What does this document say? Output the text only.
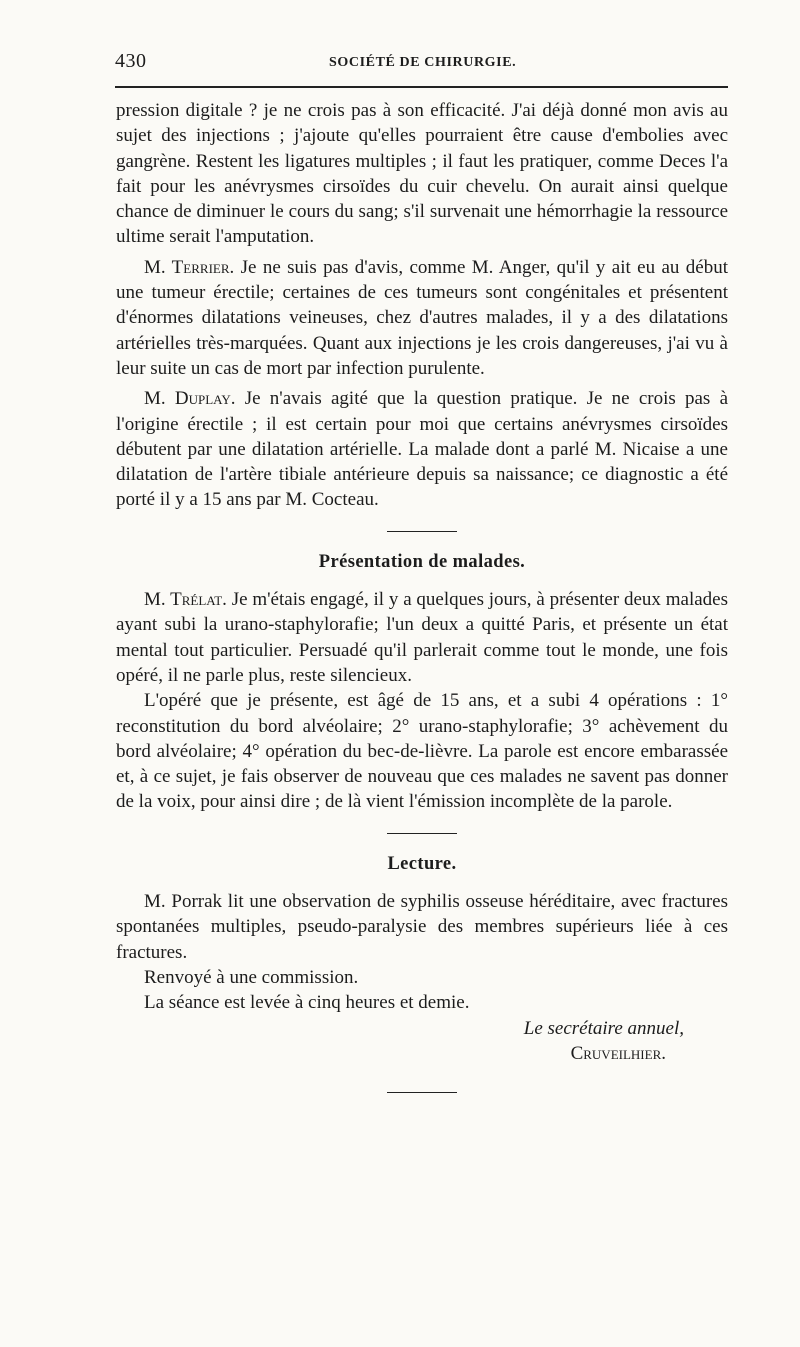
430	SOCIÉTÉ DE CHIRURGIE.

pression digitale ? je ne crois pas à son efficacité. J'ai déjà donné mon avis au sujet des injections ; j'ajoute qu'elles pourraient être cause d'embolies avec gangrène. Restent les ligatures multiples ; il faut les pratiquer, comme Deces l'a fait pour les anévrysmes cirsoïdes du cuir chevelu. On aurait ainsi quelque chance de diminuer le cours du sang; s'il survenait une hémorrhagie la ressource ultime serait l'amputation.

M. Terrier. Je ne suis pas d'avis, comme M. Anger, qu'il y ait eu au début une tumeur érectile; certaines de ces tumeurs sont congénitales et présentent d'énormes dilatations veineuses, chez d'autres malades, il y a des dilatations artérielles très-marquées. Quant aux injections je les crois dangereuses, j'ai vu à leur suite un cas de mort par infection purulente.

M. Duplay. Je n'avais agité que la question pratique. Je ne crois pas à l'origine érectile ; il est certain pour moi que certains anévrysmes cirsoïdes débutent par une dilatation artérielle. La malade dont a parlé M. Nicaise a une dilatation de l'artère tibiale antérieure depuis sa naissance; ce diagnostic a été porté il y a 15 ans par M. Cocteau.

Présentation de malades.

M. Trélat. Je m'étais engagé, il y a quelques jours, à présenter deux malades ayant subi la urano-staphylorafie; l'un deux a quitté Paris, et présente un état mental tout particulier. Persuadé qu'il parlerait comme tout le monde, une fois opéré, il ne parle plus, reste silencieux.

L'opéré que je présente, est âgé de 15 ans, et a subi 4 opérations : 1° reconstitution du bord alvéolaire; 2° urano-staphylorafie; 3° achèvement du bord alvéolaire; 4° opération du bec-de-lièvre. La parole est encore embarassée et, à ce sujet, je fais observer de nouveau que ces malades ne savent pas donner de la voix, pour ainsi dire ; de là vient l'émission incomplète de la parole.

Lecture.

M. Porrak lit une observation de syphilis osseuse héréditaire, avec fractures spontanées multiples, pseudo-paralysie des membres supérieurs liée à ces fractures.

Renvoyé à une commission.

La séance est levée à cinq heures et demie.

Le secrétaire annuel,

Cruveilhier.
